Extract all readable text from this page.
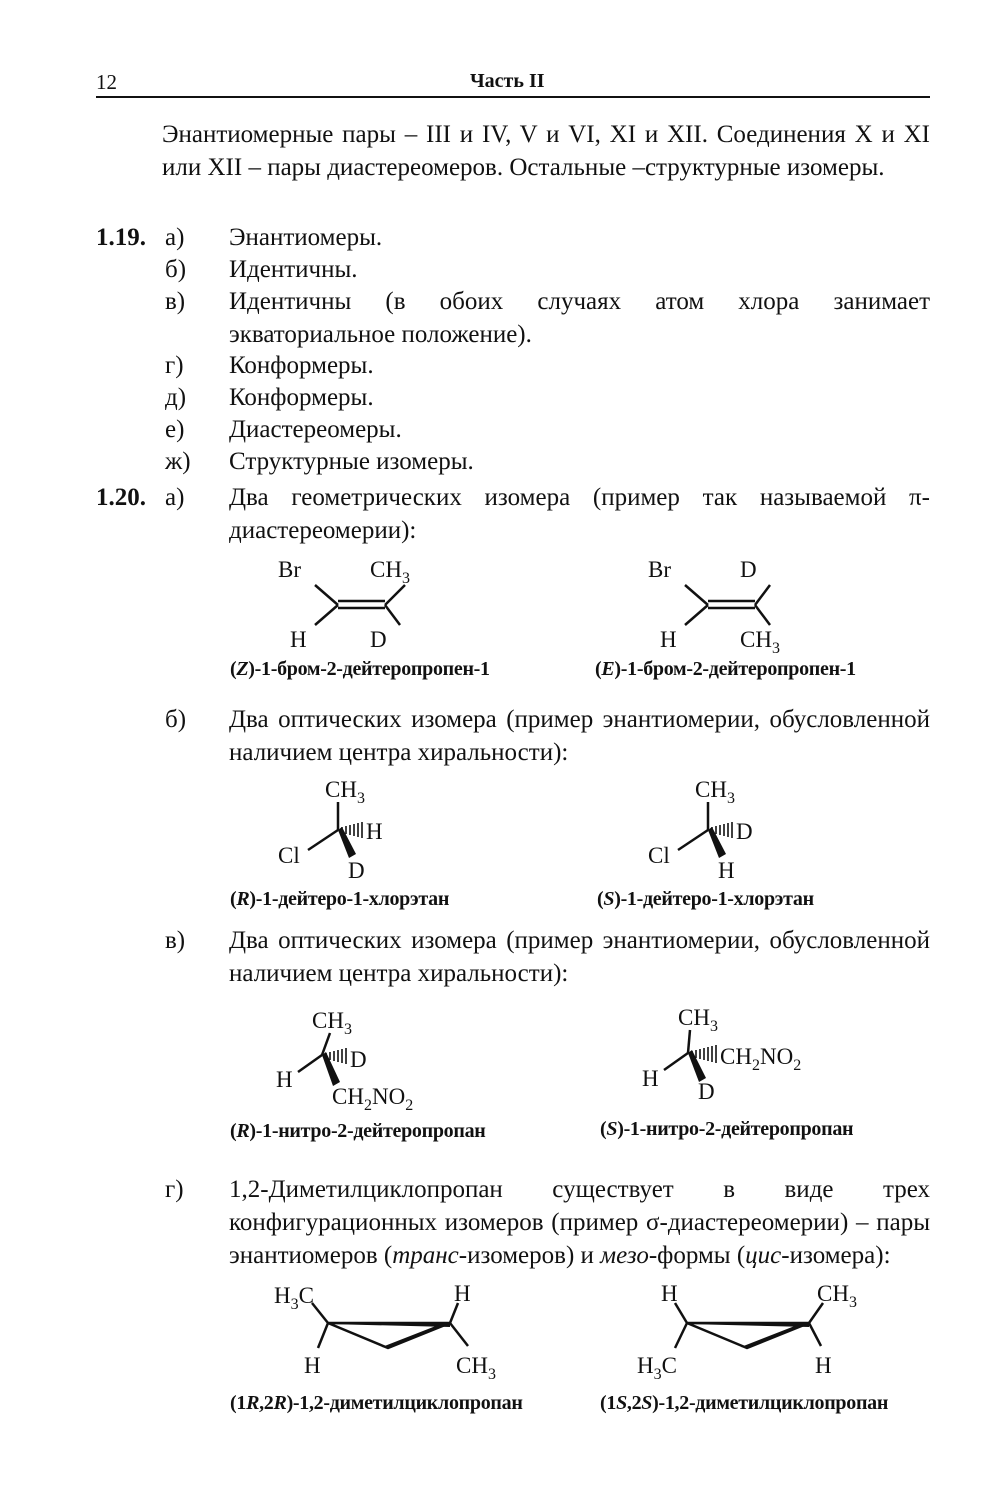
12	Часть II
Энантиомерные пары – III и IV, V и VI, XI и XII. Соединения X и XI или XII – пары диастереомеров. Остальные –структурные изомеры.
1.19. а) Энантиомеры.
б) Идентичны.
в) Идентичны (в обоих случаях атом хлора занимает экваториальное положение).
г) Конформеры.
д) Конформеры.
е) Диастереомеры.
ж) Структурные изомеры.
1.20. а) Два геометрических изомера (пример так называемой π-диастереомерии):
Br	$CH_3$
H	D
(Z)-1-бром-2-дейтеропропен-1
Br	D
H	$CH_3$
(E)-1-бром-2-дейтеропропен-1
б) Два оптических изомера (пример энантиомерии, обусловленной наличием центра хиральности):
$CH_3$
H
Cl
D
(R)-1-дейтеро-1-хлорэтан
$CH_3$
D
Cl
H
(S)-1-дейтеро-1-хлорэтан
в) Два оптических изомера (пример энантиомерии, обусловленной наличием центра хиральности):
$CH_3$
D
H
$CH_2NO_2$
(R)-1-нитро-2-дейтеропропан
$CH_3$
$CH_2NO_2$
H
D
(S)-1-нитро-2-дейтеропропан
г) 1,2-Диметилциклопропан существует в виде трех конфигурационных изомеров (пример σ-диастереомерии) – пары энантиомеров (транс-изомеров) и мезо-формы (цис-изомера):
$H_3C$	H
H	$CH_3$
(1R,2R)-1,2-диметилциклопропан
H	$CH_3$
$H_3C$	H
(1S,2S)-1,2-диметилциклопропан
